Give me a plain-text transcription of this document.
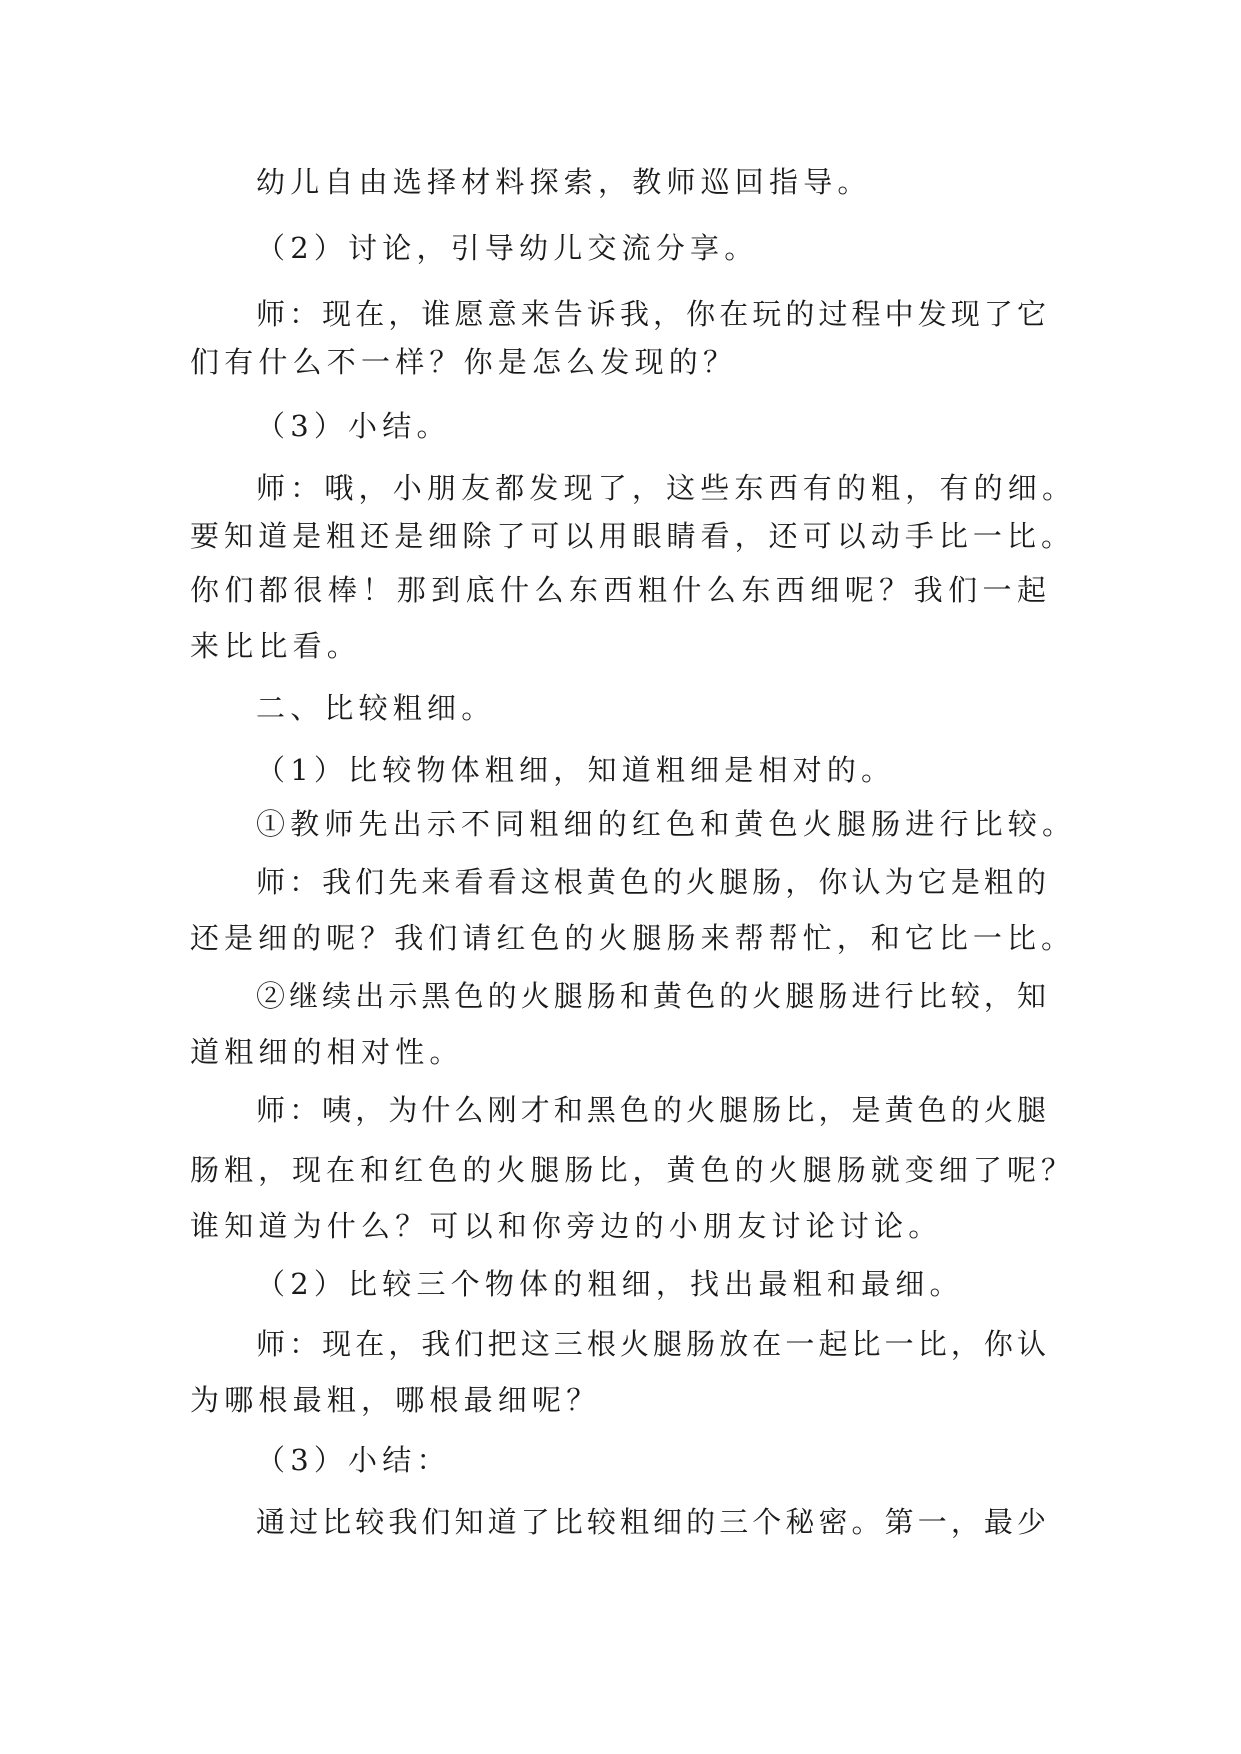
幼儿自由选择材料探索，教师巡回指导。
（2）讨论，引导幼儿交流分享。
师：现在，谁愿意来告诉我，你在玩的过程中发现了它
们有什么不一样？你是怎么发现的？
（3）小结。
师：哦，小朋友都发现了，这些东西有的粗，有的细。
要知道是粗还是细除了可以用眼睛看，还可以动手比一比。
你们都很棒！那到底什么东西粗什么东西细呢？我们一起
来比比看。
二、比较粗细。
（1）比较物体粗细，知道粗细是相对的。
①教师先出示不同粗细的红色和黄色火腿肠进行比较。
师：我们先来看看这根黄色的火腿肠，你认为它是粗的
还是细的呢？我们请红色的火腿肠来帮帮忙，和它比一比。
②继续出示黑色的火腿肠和黄色的火腿肠进行比较，知
道粗细的相对性。
师：咦，为什么刚才和黑色的火腿肠比，是黄色的火腿
肠粗，现在和红色的火腿肠比，黄色的火腿肠就变细了呢？
谁知道为什么？可以和你旁边的小朋友讨论讨论。
（2）比较三个物体的粗细，找出最粗和最细。
师：现在，我们把这三根火腿肠放在一起比一比，你认
为哪根最粗，哪根最细呢？
（3）小结：
通过比较我们知道了比较粗细的三个秘密。第一，最少
